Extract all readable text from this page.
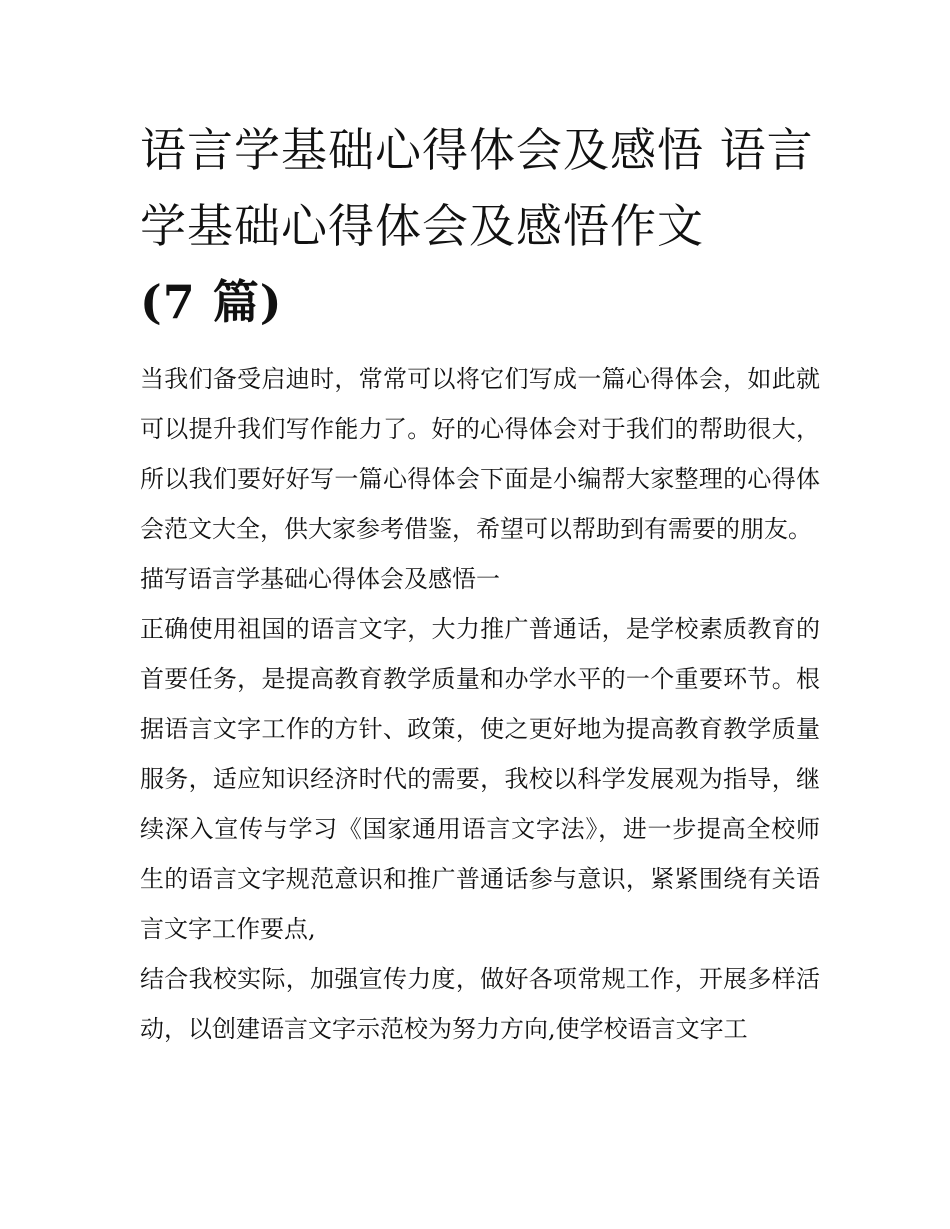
语言学基础心得体会及感悟 语言学基础心得体会及感悟作文
(7 篇)

当我们备受启迪时，常常可以将它们写成一篇心得体会，如此就可以提升我们写作能力了。好的心得体会对于我们的帮助很大，所以我们要好好写一篇心得体会下面是小编帮大家整理的心得体会范文大全，供大家参考借鉴，希望可以帮助到有需要的朋友。

描写语言学基础心得体会及感悟一

正确使用祖国的语言文字，大力推广普通话，是学校素质教育的首要任务，是提高教育教学质量和办学水平的一个重要环节。根据语言文字工作的方针、政策，使之更好地为提高教育教学质量服务，适应知识经济时代的需要，我校以科学发展观为指导，继续深入宣传与学习《国家通用语言文字法》，进一步提高全校师生的语言文字规范意识和推广普通话参与意识，紧紧围绕有关语言文字工作要点,

结合我校实际，加强宣传力度，做好各项常规工作，开展多样活动，以创建语言文字示范校为努力方向,使学校语言文字工
